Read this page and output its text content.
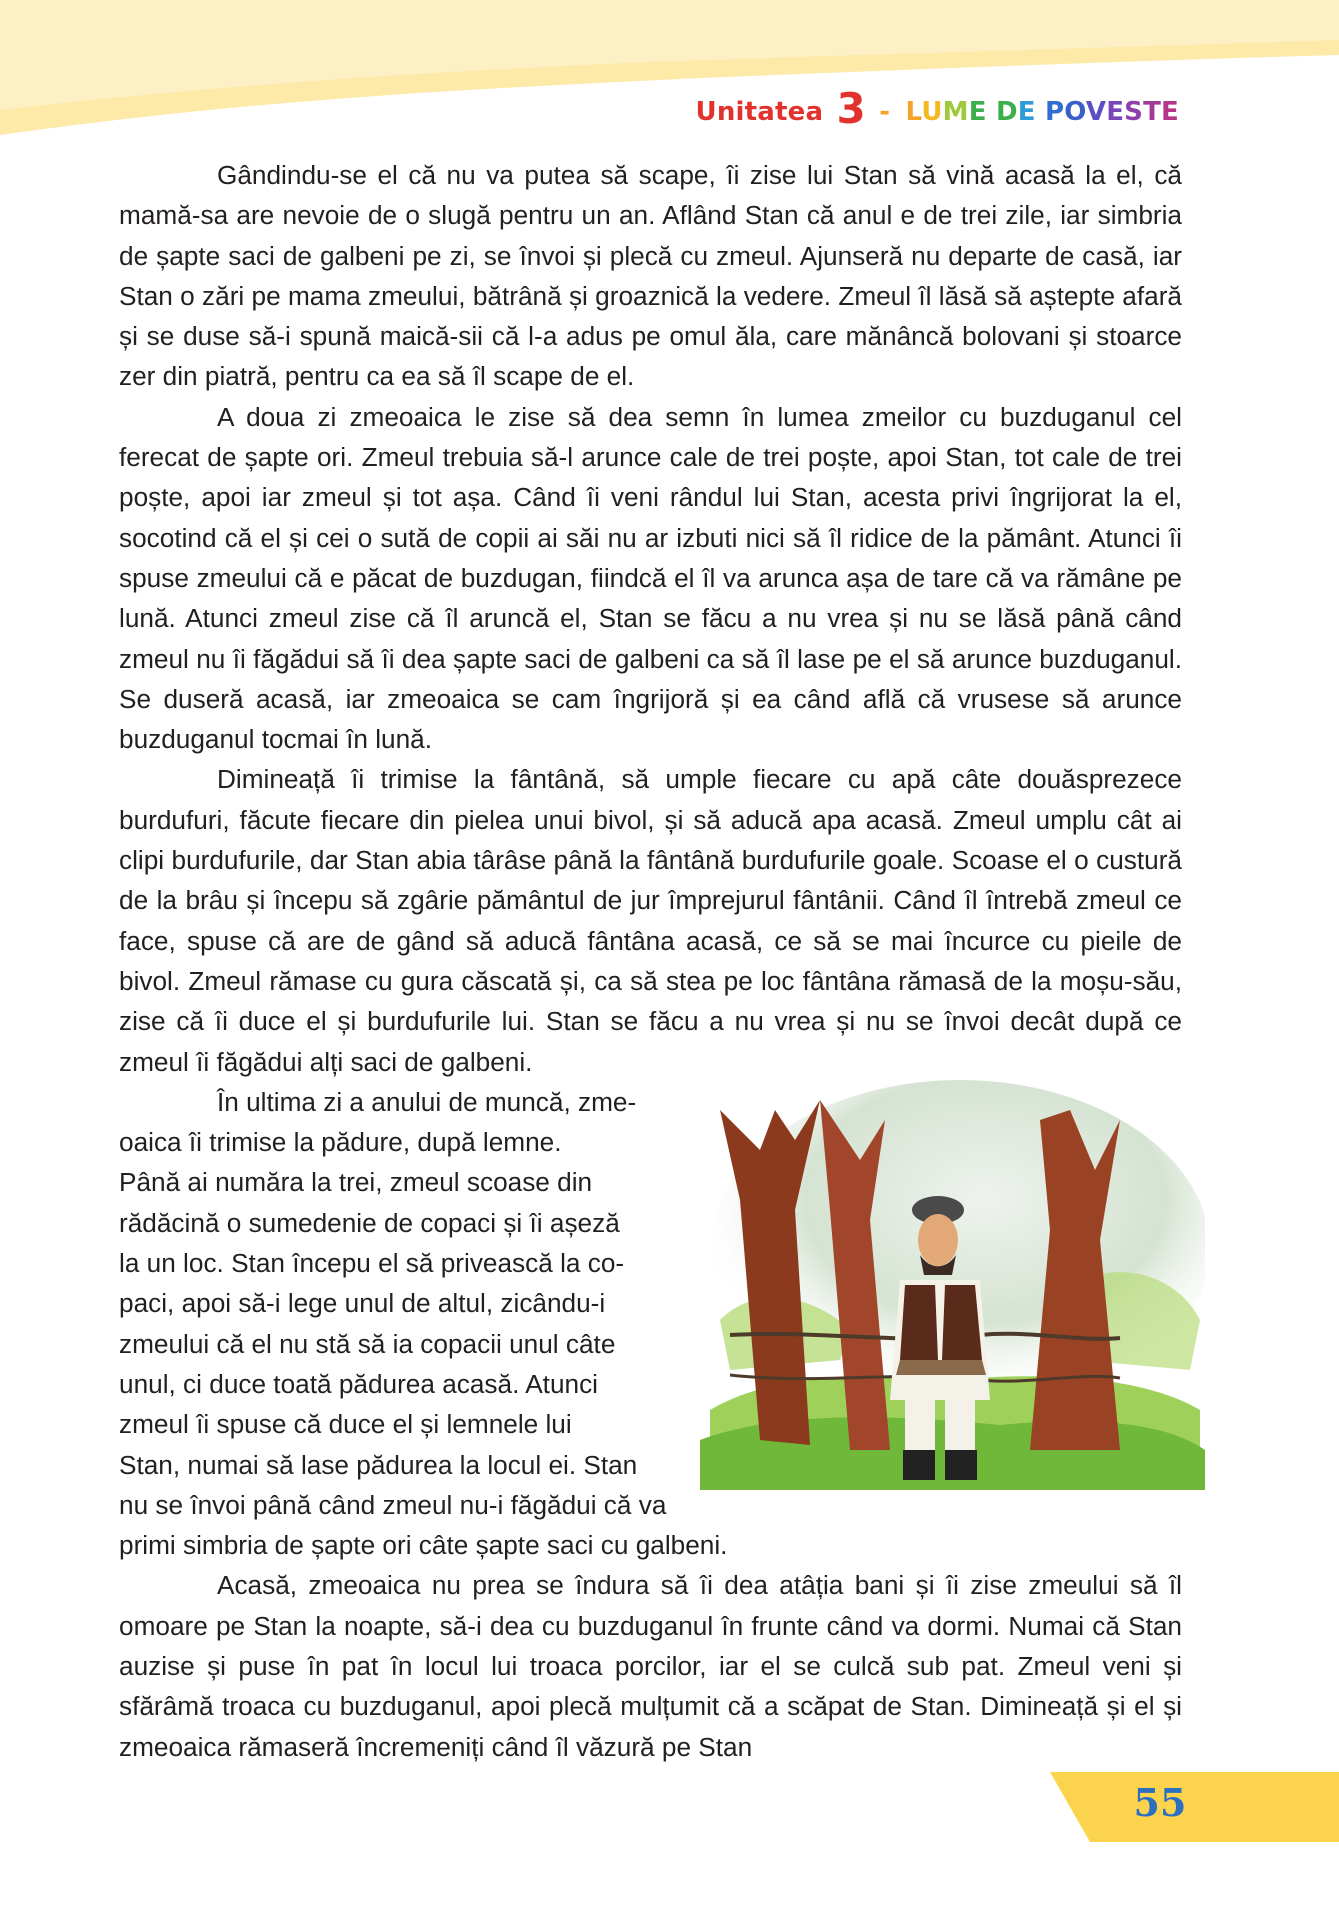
Unitatea 3 - LUME DE POVESTE

Gândindu-se el că nu va putea să scape, îi zise lui Stan să vină acasă la el, că mamă-sa are nevoie de o slugă pentru un an. Aflând Stan că anul e de trei zile, iar simbria de șapte saci de galbeni pe zi, se învoi și plecă cu zmeul. Ajunseră nu departe de casă, iar Stan o zări pe mama zmeului, bătrână și groaznică la vedere. Zmeul îl lăsă să aștepte afară și se duse să-i spună maică-sii că l-a adus pe omul ăla, care mănâncă bolovani și stoarce zer din piatră, pentru ca ea să îl scape de el.

A doua zi zmeoaica le zise să dea semn în lumea zmeilor cu buzduganul cel ferecat de șapte ori. Zmeul trebuia să-l arunce cale de trei poște, apoi Stan, tot cale de trei poște, apoi iar zmeul și tot așa. Când îi veni rândul lui Stan, acesta privi îngrijorat la el, socotind că el și cei o sută de copii ai săi nu ar izbuti nici să îl ridice de la pământ. Atunci îi spuse zmeului că e păcat de buzdugan, fiindcă el îl va arunca așa de tare că va rămâne pe lună. Atunci zmeul zise că îl aruncă el, Stan se făcu a nu vrea și nu se lăsă până când zmeul nu îi făgădui să îi dea șapte saci de galbeni ca să îl lase pe el să arunce buzduganul. Se duseră acasă, iar zmeoaica se cam îngrijoră și ea când află că vrusese să arunce buzduganul tocmai în lună.

Dimineață îi trimise la fântână, să umple fiecare cu apă câte douăsprezece burdufuri, făcute fiecare din pielea unui bivol, și să aducă apa acasă. Zmeul umplu cât ai clipi burdufurile, dar Stan abia târâse până la fântână burdufurile goale. Scoase el o custură de la brâu și începu să zgârie pământul de jur împrejurul fântânii. Când îl întrebă zmeul ce face, spuse că are de gând să aducă fântâna acasă, ce să se mai încurce cu pieile de bivol. Zmeul rămase cu gura căscată și, ca să stea pe loc fântâna rămasă de la moșu-său, zise că îi duce el și burdufurile lui. Stan se făcu a nu vrea și nu se învoi decât după ce zmeul îi făgădui alți saci de galbeni.

În ultima zi a anului de muncă, zme-
oaica îi trimise la pădure, după lemne.
Până ai număra la trei, zmeul scoase din
rădăcină o sumedenie de copaci și îi așeză
la un loc. Stan începu el să privească la co-
paci, apoi să-i lege unul de altul, zicându-i
zmeului că el nu stă să ia copacii unul câte
unul, ci duce toată pădurea acasă. Atunci
zmeul îi spuse că duce el și lemnele lui
Stan, numai să lase pădurea la locul ei. Stan
nu se învoi până când zmeul nu-i făgădui că va
primi simbria de șapte ori câte șapte saci cu galbeni.

Acasă, zmeoaica nu prea se îndura să îi dea atâția bani și îi zise zmeului să îl omoare pe Stan la noapte, să-i dea cu buzduganul în frunte când va dormi. Numai că Stan auzise și puse în pat în locul lui troaca porcilor, iar el se culcă sub pat. Zmeul veni și sfărâmă troaca cu buzduganul, apoi plecă mulțumit că a scăpat de Stan. Dimineață și el și zmeoaica rămaseră încremeniți când îl văzură pe Stan

55
